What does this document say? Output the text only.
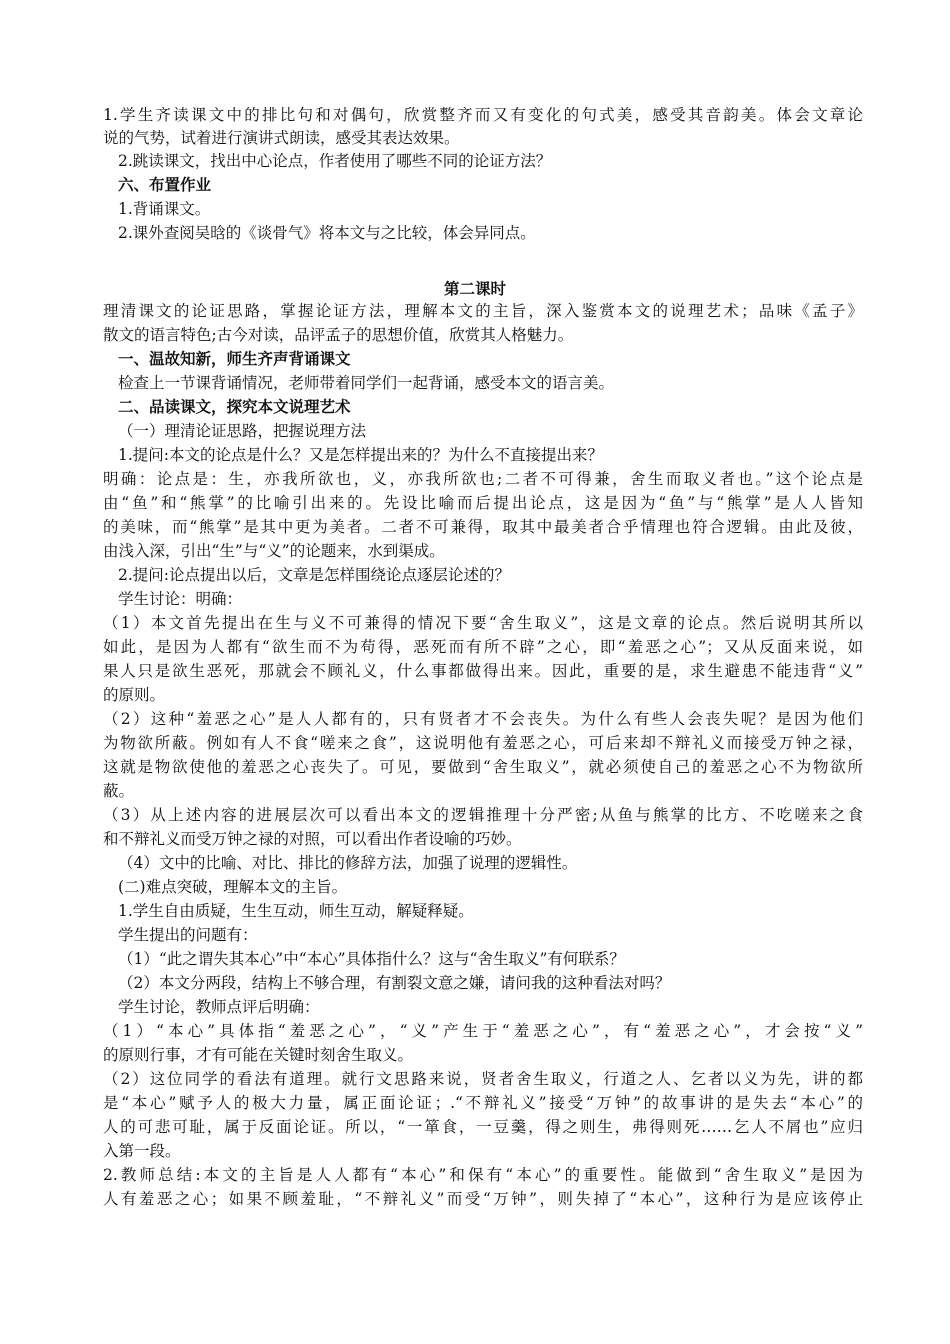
1.学生齐读课文中的排比句和对偶句，欣赏整齐而又有变化的句式美，感受其音韵美。体会文章论
说的气势，试着进行演讲式朗读，感受其表达效果。
2.跳读课文，找出中心论点，作者使用了哪些不同的论证方法？
六、布置作业
1.背诵课文。
2.课外查阅吴晗的《谈骨气》将本文与之比较，体会异同点。
第二课时
理清课文的论证思路，掌握论证方法，理解本文的主旨，深入鉴赏本文的说理艺术；品味《孟子》
散文的语言特色;古今对读，品评孟子的思想价值，欣赏其人格魅力。
一、温故知新，师生齐声背诵课文
检查上一节课背诵情况，老师带着同学们一起背诵，感受本文的语言美。
二、品读课文，探究本文说理艺术
（一）理清论证思路，把握说理方法
1.提问:本文的论点是什么？又是怎样提出来的？为什么不直接提出来？
明确：论点是：生，亦我所欲也，义，亦我所欲也;二者不可得兼，舍生而取义者也。”这个论点是
由“鱼”和“熊掌”的比喻引出来的。先设比喻而后提出论点，这是因为“鱼”与“熊掌”是人人皆知
的美味，而“熊掌”是其中更为美者。二者不可兼得，取其中最美者合乎情理也符合逻辑。由此及彼，
由浅入深，引出“生”与“义”的论题来，水到渠成。
2.提问:论点提出以后，文章是怎样围绕论点逐层论述的？
学生讨论：明确：
（1）本文首先提出在生与义不可兼得的情况下要“舍生取义”，这是文章的论点。然后说明其所以
如此，是因为人都有“欲生而不为苟得，恶死而有所不辟”之心，即“羞恶之心”；又从反面来说，如
果人只是欲生恶死，那就会不顾礼义，什么事都做得出来。因此，重要的是，求生避患不能违背“义”
的原则。
（2）这种“羞恶之心”是人人都有的，只有贤者才不会丧失。为什么有些人会丧失呢？是因为他们
为物欲所蔽。例如有人不食“嗟来之食”，这说明他有羞恶之心，可后来却不辩礼义而接受万钟之禄，
这就是物欲使他的羞恶之心丧失了。可见，要做到“舍生取义”，就必须使自己的羞恶之心不为物欲所
蔽。
（3）从上述内容的进展层次可以看出本文的逻辑推理十分严密;从鱼与熊掌的比方、不吃嗟来之食
和不辩礼义而受万钟之禄的对照，可以看出作者设喻的巧妙。
（4）文中的比喻、对比、排比的修辞方法，加强了说理的逻辑性。
(二)难点突破，理解本文的主旨。
1.学生自由质疑，生生互动，师生互动，解疑释疑。
学生提出的问题有：
（1）“此之谓失其本心”中“本心”具体指什么？这与“舍生取义”有何联系？
（2）本文分两段，结构上不够合理，有割裂文意之嫌，请问我的这种看法对吗？
学生讨论，教师点评后明确：
（1）“本心”具体指“羞恶之心”，“义”产生于“羞恶之心”，有“羞恶之心”，才会按“义”
的原则行事，才有可能在关键时刻舍生取义。
（2）这位同学的看法有道理。就行文思路来说，贤者舍生取义，行道之人、乞者以义为先，讲的都
是“本心”赋予人的极大力量，属正面论证；.“不辩礼义”接受“万钟”的故事讲的是失去“本心”的
人的可悲可耻，属于反面论证。所以，“一箪食，一豆羹，得之则生，弗得则死……乞人不屑也”应归
入第一段。
2.教师总结:本文的主旨是人人都有“本心”和保有“本心”的重要性。能做到“舍生取义”是因为
人有羞恶之心；如果不顾羞耻，“不辩礼义”而受“万钟”，则失掉了“本心”，这种行为是应该停止
